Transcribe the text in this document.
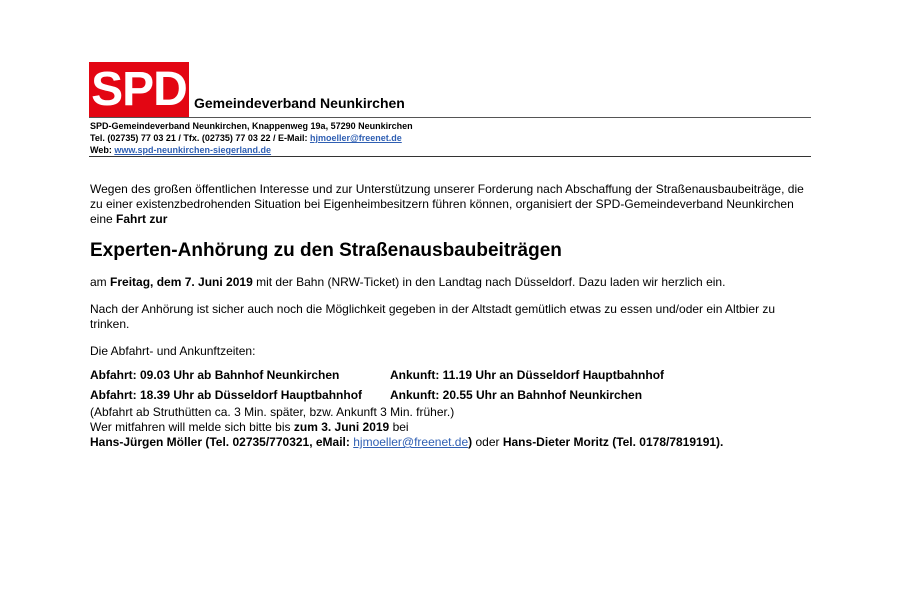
SPD Gemeindeverband Neunkirchen
SPD-Gemeindeverband Neunkirchen, Knappenweg 19a, 57290 Neunkirchen
Tel. (02735) 77 03 21 / Tfx. (02735) 77 03 22 / E-Mail: hjmoeller@freenet.de
Web: www.spd-neunkirchen-siegerland.de

Wegen des großen öffentlichen Interesse und zur Unterstützung unserer Forderung nach Abschaffung der Straßenausbaubeiträge, die zu einer existenzbedrohenden Situation bei Eigenheimbesitzern führen können, organisiert der SPD-Gemeindeverband Neunkirchen eine Fahrt zur

Experten-Anhörung zu den Straßenausbaubeiträgen

am Freitag, dem 7. Juni 2019 mit der Bahn (NRW-Ticket) in den Landtag nach Düsseldorf. Dazu laden wir herzlich ein.

Nach der Anhörung ist sicher auch noch die Möglichkeit gegeben in der Altstadt gemütlich etwas zu essen und/oder ein Altbier zu trinken.

Die Abfahrt- und Ankunftzeiten:

Abfahrt: 09.03 Uhr ab Bahnhof Neunkirchen	Ankunft: 11.19 Uhr an Düsseldorf Hauptbahnhof
Abfahrt: 18.39 Uhr ab Düsseldorf Hauptbahnhof	Ankunft: 20.55 Uhr an Bahnhof Neunkirchen

(Abfahrt ab Struthütten ca. 3 Min. später, bzw. Ankunft 3 Min. früher.)

Wer mitfahren will melde sich bitte bis zum 3. Juni 2019 bei

Hans-Jürgen Möller (Tel. 02735/770321, eMail: hjmoeller@freenet.de) oder Hans-Dieter Moritz (Tel. 0178/7819191).
